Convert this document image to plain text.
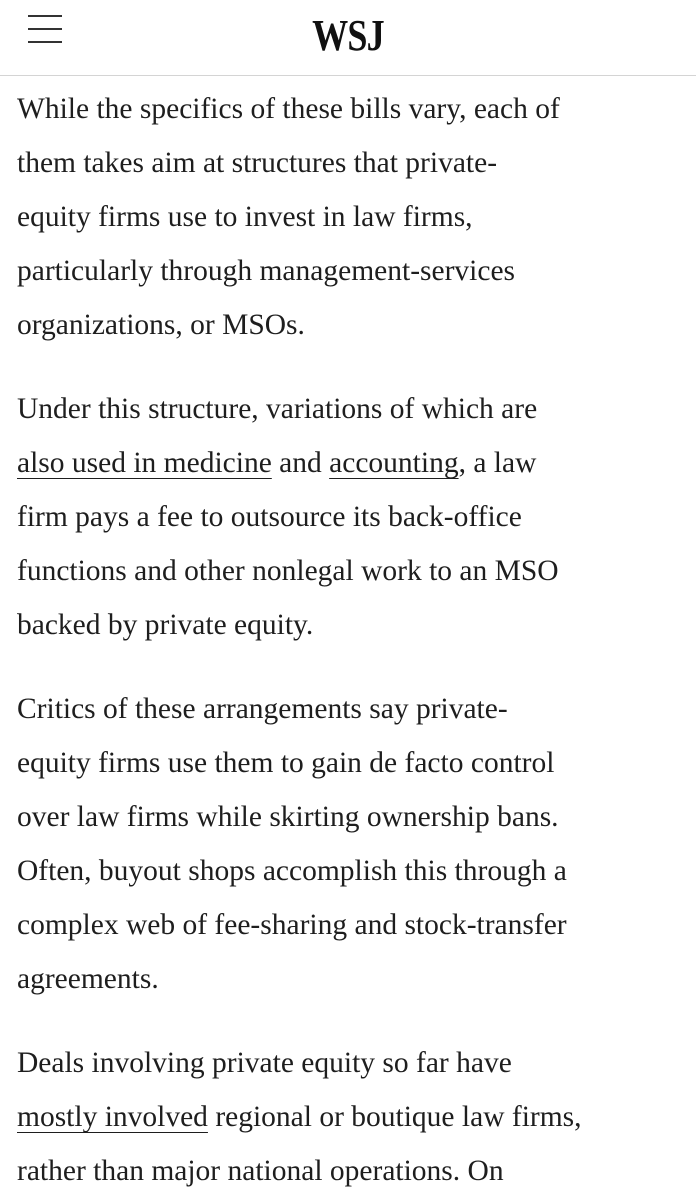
WSJ

While the specifics of these bills vary, each of
them takes aim at structures that private-
equity firms use to invest in law firms,
particularly through management-services
organizations, or MSOs.

Under this structure, variations of which are
also used in medicine and accounting, a law
firm pays a fee to outsource its back-office
functions and other nonlegal work to an MSO
backed by private equity.

Critics of these arrangements say private-
equity firms use them to gain de facto control
over law firms while skirting ownership bans.
Often, buyout shops accomplish this through a
complex web of fee-sharing and stock-transfer
agreements.

Deals involving private equity so far have
mostly involved regional or boutique law firms,
rather than major national operations. On
